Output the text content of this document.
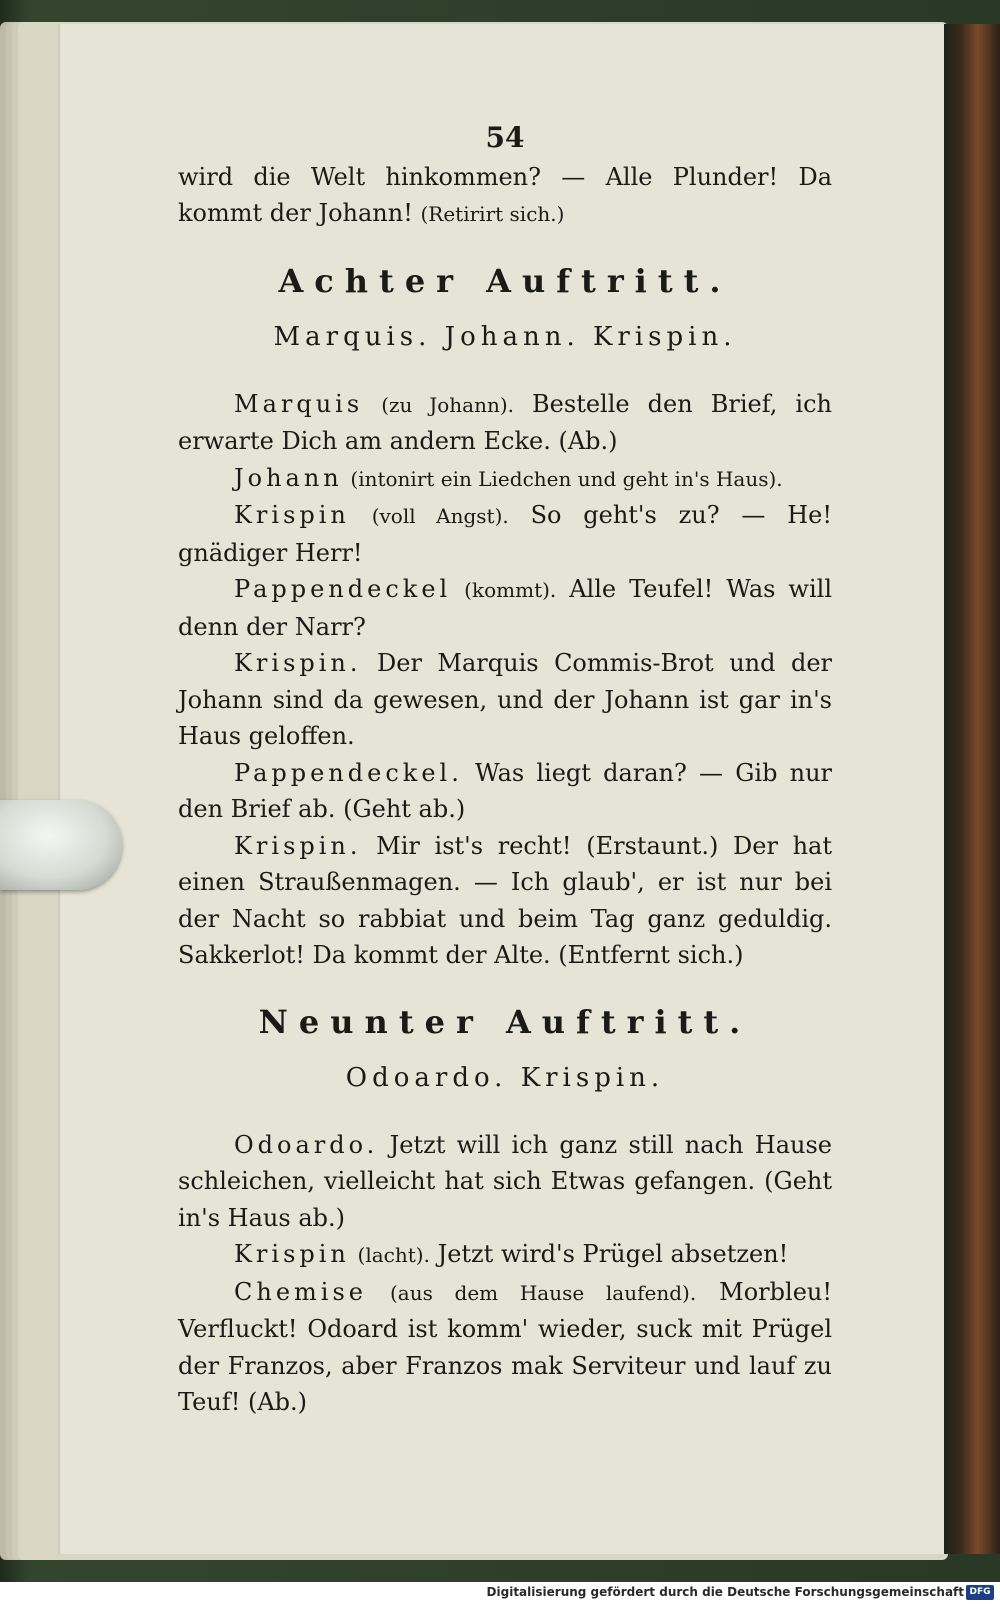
54

wird die Welt hinkommen? — Alle Plunder! Da kommt der Johann! (Retirirt sich.)

Achter Auftritt.
Marquis. Johann. Krispin.

Marquis (zu Johann). Bestelle den Brief, ich erwarte Dich am andern Ecke. (Ab.)

Johann (intonirt ein Liedchen und geht in's Haus).

Krispin (voll Angst). So geht's zu? — He! gnädiger Herr!

Pappendeckel (kommt). Alle Teufel! Was will denn der Narr?

Krispin. Der Marquis Commis-Brot und der Johann sind da gewesen, und der Johann ist gar in's Haus geloffen.

Pappendeckel. Was liegt daran? — Gib nur den Brief ab. (Geht ab.)

Krispin. Mir ist's recht! (Erstaunt.) Der hat einen Straußenmagen. — Ich glaub', er ist nur bei der Nacht so rabbiat und beim Tag ganz geduldig. Sakkerlot! Da kommt der Alte. (Entfernt sich.)

Neunter Auftritt.
Odoardo. Krispin.

Odoardo. Jetzt will ich ganz still nach Hause schleichen, vielleicht hat sich Etwas gefangen. (Geht in's Haus ab.)

Krispin (lacht). Jetzt wird's Prügel absetzen!

Chemise (aus dem Hause laufend). Morbleu! Verfluckt! Odoard ist komm' wieder, suck mit Prügel der Franzos, aber Franzos mak Serviteur und lauf zu Teuf! (Ab.)

Digitalisierung gefördert durch die Deutsche Forschungsgemeinschaft DFG
